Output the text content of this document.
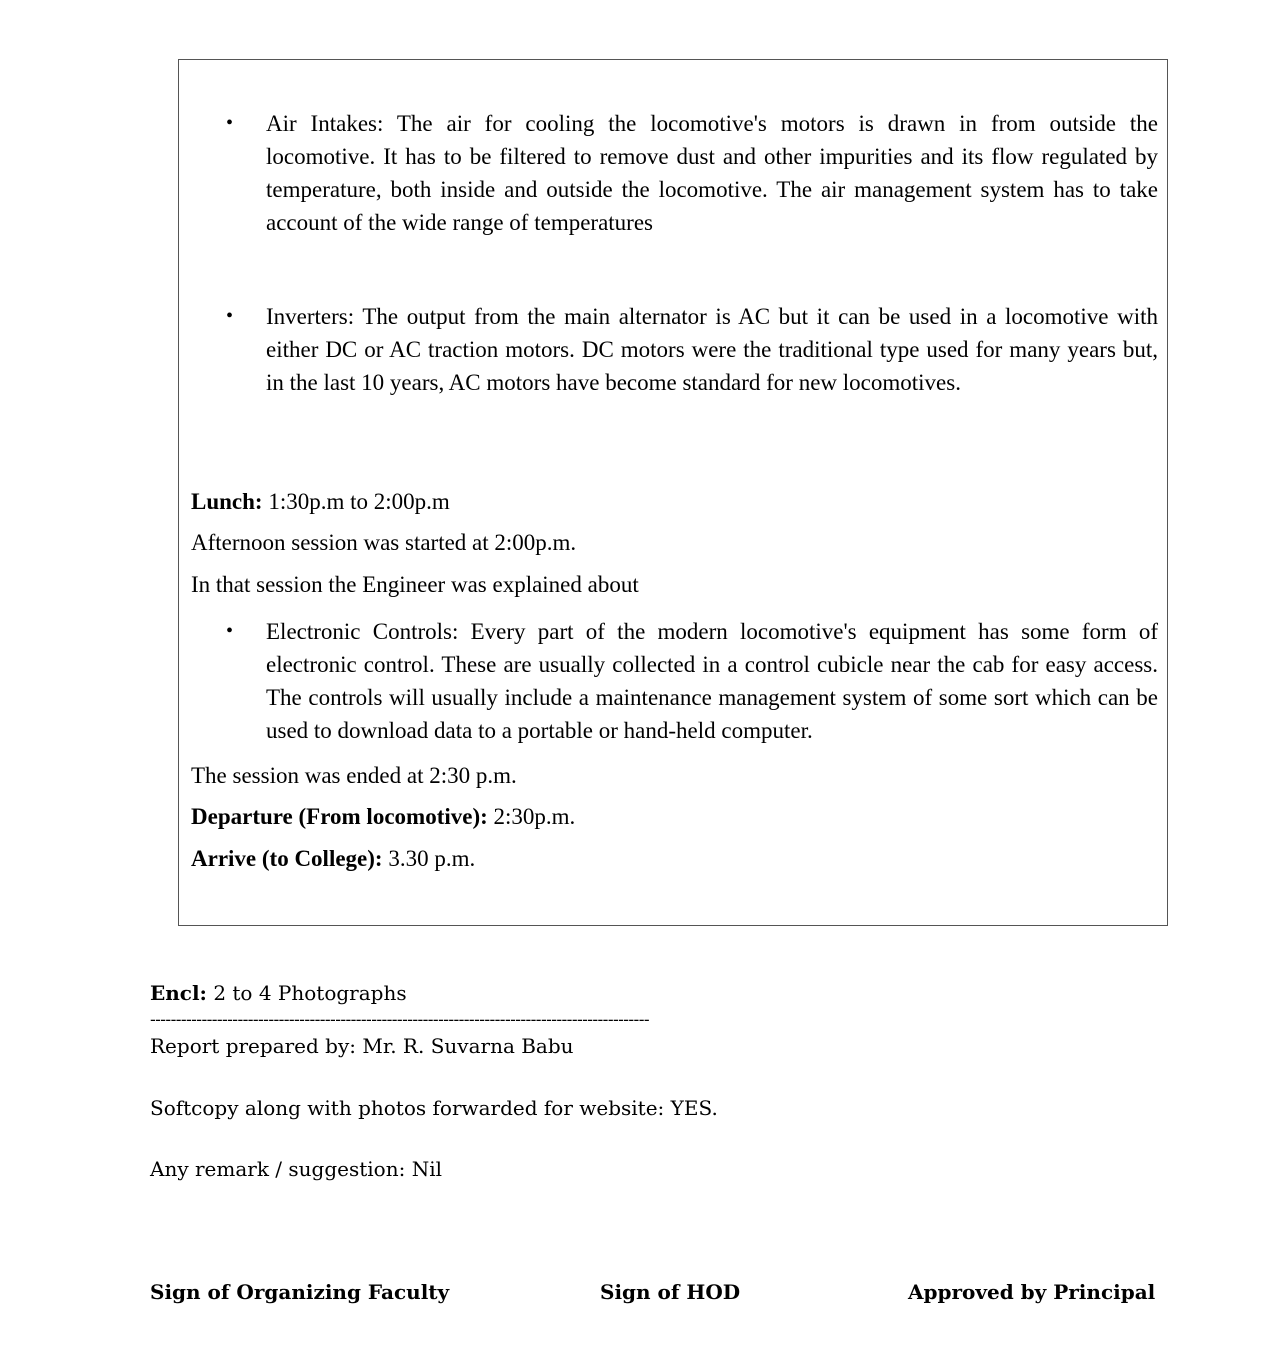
• Air Intakes: The air for cooling the locomotive's motors is drawn in from outside the locomotive. It has to be filtered to remove dust and other impurities and its flow regulated by temperature, both inside and outside the locomotive. The air management system has to take account of the wide range of temperatures
• Inverters: The output from the main alternator is AC but it can be used in a locomotive with either DC or AC traction motors. DC motors were the traditional type used for many years but, in the last 10 years, AC motors have become standard for new locomotives.
Lunch: 1:30p.m to 2:00p.m
Afternoon session was started at 2:00p.m.
In that session the Engineer was explained about
• Electronic Controls: Every part of the modern locomotive's equipment has some form of electronic control. These are usually collected in a control cubicle near the cab for easy access. The controls will usually include a maintenance management system of some sort which can be used to download data to a portable or hand-held computer.
The session was ended at 2:30 p.m.
Departure (From locomotive): 2:30p.m.
Arrive (to College): 3.30 p.m.
Encl: 2 to 4 Photographs
-------------------------------------------------------------------------------------------------
Report prepared by: Mr. R. Suvarna Babu
Softcopy along with photos forwarded for website: YES.
Any remark / suggestion: Nil
Sign of Organizing Faculty	Sign of HOD	Approved by Principal
